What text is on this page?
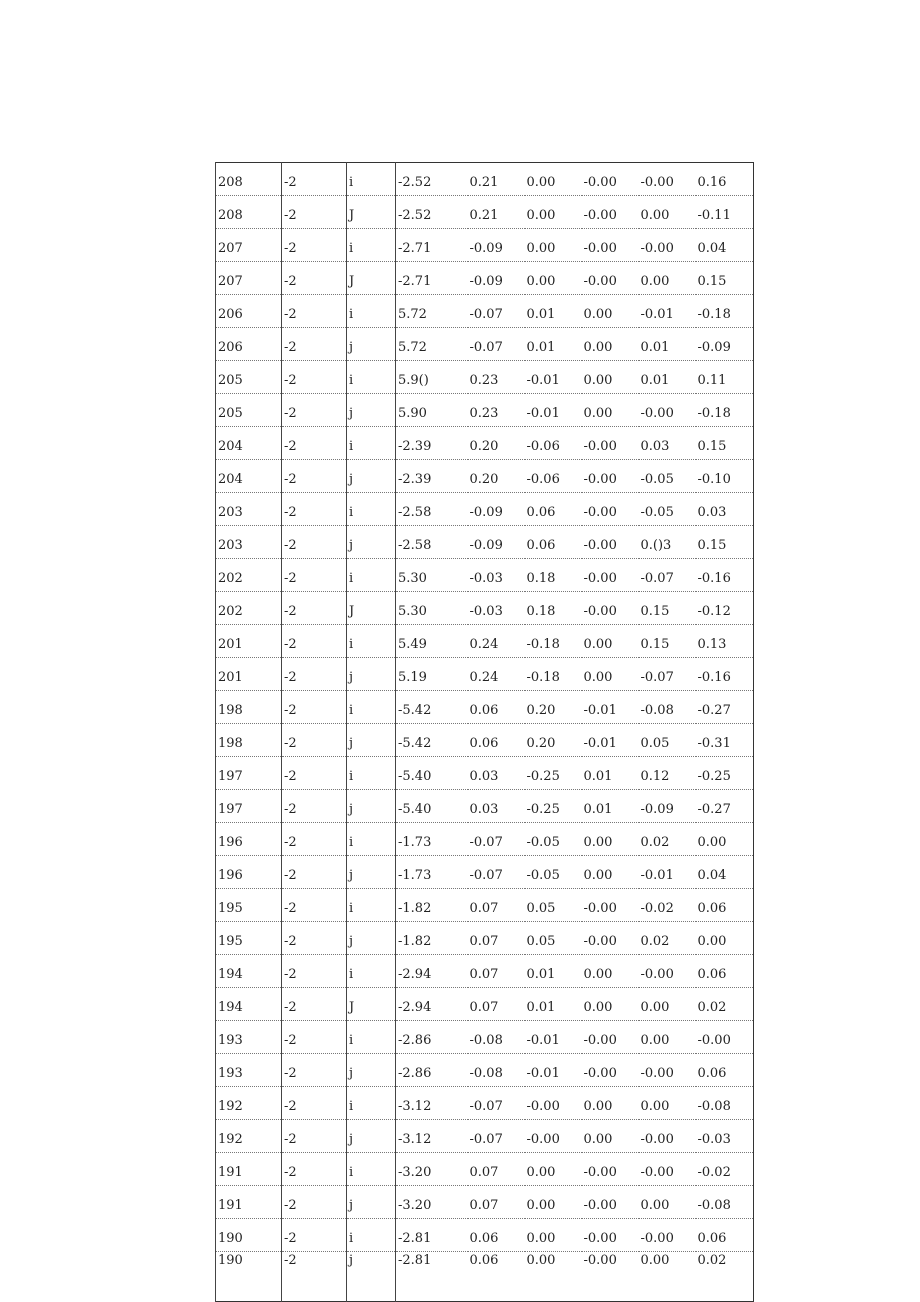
208	-2	i	-2.52	0.21	0.00	-0.00	-0.00	0.16
208	-2	J	-2.52	0.21	0.00	-0.00	0.00	-0.11
207	-2	i	-2.71	-0.09	0.00	-0.00	-0.00	0.04
207	-2	J	-2.71	-0.09	0.00	-0.00	0.00	0.15
206	-2	i	5.72	-0.07	0.01	0.00	-0.01	-0.18
206	-2	j	5.72	-0.07	0.01	0.00	0.01	-0.09
205	-2	i	5.9()	0.23	-0.01	0.00	0.01	0.11
205	-2	j	5.90	0.23	-0.01	0.00	-0.00	-0.18
204	-2	i	-2.39	0.20	-0.06	-0.00	0.03	0.15
204	-2	j	-2.39	0.20	-0.06	-0.00	-0.05	-0.10
203	-2	i	-2.58	-0.09	0.06	-0.00	-0.05	0.03
203	-2	j	-2.58	-0.09	0.06	-0.00	0.()3	0.15
202	-2	i	5.30	-0.03	0.18	-0.00	-0.07	-0.16
202	-2	J	5.30	-0.03	0.18	-0.00	0.15	-0.12
201	-2	i	5.49	0.24	-0.18	0.00	0.15	0.13
201	-2	j	5.19	0.24	-0.18	0.00	-0.07	-0.16
198	-2	i	-5.42	0.06	0.20	-0.01	-0.08	-0.27
198	-2	j	-5.42	0.06	0.20	-0.01	0.05	-0.31
197	-2	i	-5.40	0.03	-0.25	0.01	0.12	-0.25
197	-2	j	-5.40	0.03	-0.25	0.01	-0.09	-0.27
196	-2	i	-1.73	-0.07	-0.05	0.00	0.02	0.00
196	-2	j	-1.73	-0.07	-0.05	0.00	-0.01	0.04
195	-2	i	-1.82	0.07	0.05	-0.00	-0.02	0.06
195	-2	j	-1.82	0.07	0.05	-0.00	0.02	0.00
194	-2	i	-2.94	0.07	0.01	0.00	-0.00	0.06
194	-2	J	-2.94	0.07	0.01	0.00	0.00	0.02
193	-2	i	-2.86	-0.08	-0.01	-0.00	0.00	-0.00
193	-2	j	-2.86	-0.08	-0.01	-0.00	-0.00	0.06
192	-2	i	-3.12	-0.07	-0.00	0.00	0.00	-0.08
192	-2	j	-3.12	-0.07	-0.00	0.00	-0.00	-0.03
191	-2	i	-3.20	0.07	0.00	-0.00	-0.00	-0.02
191	-2	j	-3.20	0.07	0.00	-0.00	0.00	-0.08
190	-2	i	-2.81	0.06	0.00	-0.00	-0.00	0.06
190	-2	j	-2.81	0.06	0.00	-0.00	0.00	0.02
